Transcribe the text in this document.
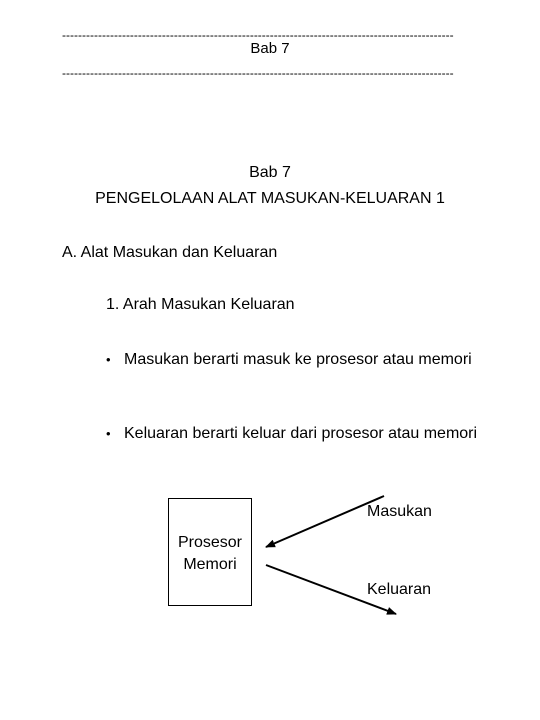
--------------------------------------------------------------------------------------------------
Bab 7
--------------------------------------------------------------------------------------------------
Bab 7
PENGELOLAAN ALAT MASUKAN-KELUARAN 1
A. Alat Masukan dan Keluaran
1. Arah Masukan Keluaran
• Masukan berarti masuk ke prosesor atau memori
• Keluaran berarti keluar dari prosesor atau memori
Prosesor
Memori
Masukan
Keluaran
